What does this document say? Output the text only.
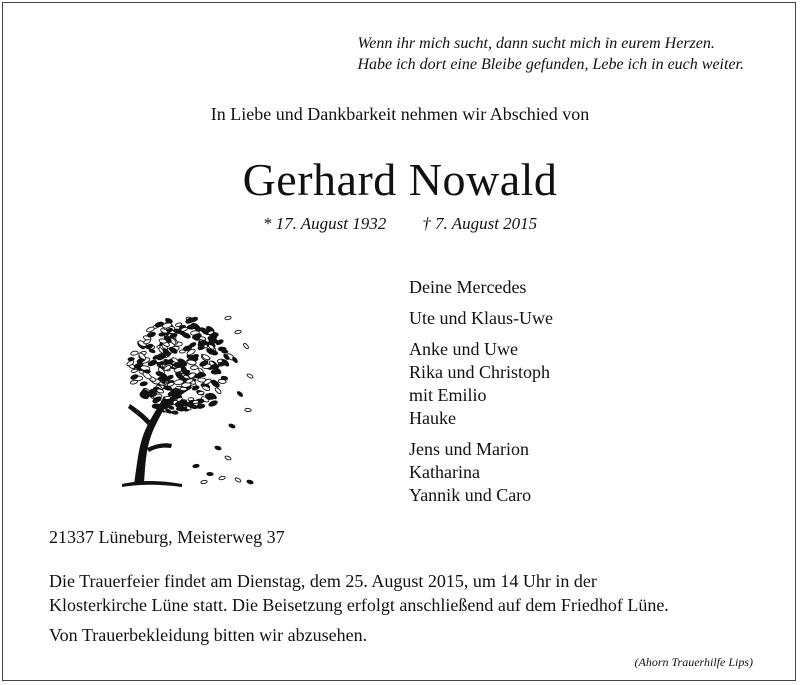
Wenn ihr mich sucht, dann sucht mich in eurem Herzen.
Habe ich dort eine Bleibe gefunden, Lebe ich in euch weiter.
In Liebe und Dankbarkeit nehmen wir Abschied von
Gerhard Nowald
* 17. August 1932 † 7. August 2015
Deine Mercedes
Ute und Klaus-Uwe
Anke und Uwe
Rika und Christoph
mit Emilio
Hauke
Jens und Marion
Katharina
Yannik und Caro
21337 Lüneburg, Meisterweg 37
Die Trauerfeier findet am Dienstag, dem 25. August 2015, um 14 Uhr in der
Klosterkirche Lüne statt. Die Beisetzung erfolgt anschließend auf dem Friedhof Lüne.
Von Trauerbekleidung bitten wir abzusehen.
(Ahorn Trauerhilfe Lips)
